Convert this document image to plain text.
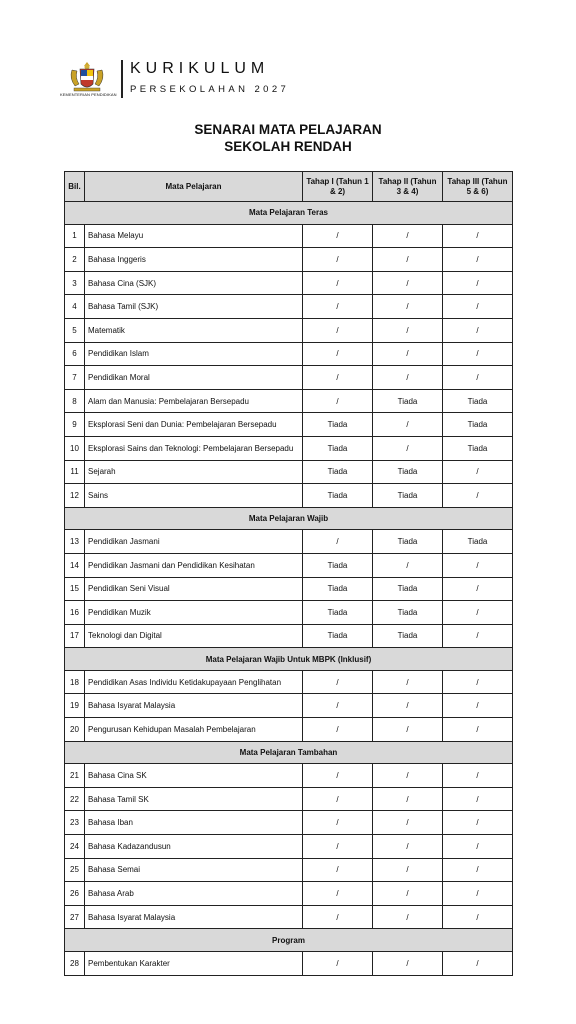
KEMENTERIAN PENDIDIKAN
KURIKULUM
PERSEKOLAHAN 2027
SENARAI MATA PELAJARAN
SEKOLAH RENDAH
Bil.	Mata Pelajaran	Tahap I (Tahun 1 & 2)	Tahap II (Tahun 3 & 4)	Tahap III (Tahun 5 & 6)
Mata Pelajaran Teras				
1	Bahasa Melayu	/	/	/
2	Bahasa Inggeris	/	/	/
3	Bahasa Cina (SJK)	/	/	/
4	Bahasa Tamil (SJK)	/	/	/
5	Matematik	/	/	/
6	Pendidikan Islam	/	/	/
7	Pendidikan Moral	/	/	/
8	Alam dan Manusia: Pembelajaran Bersepadu	/	Tiada	Tiada
9	Eksplorasi Seni dan Dunia: Pembelajaran Bersepadu	Tiada	/	Tiada
10	Eksplorasi Sains dan Teknologi: Pembelajaran Bersepadu	Tiada	/	Tiada
11	Sejarah	Tiada	Tiada	/
12	Sains	Tiada	Tiada	/
Mata Pelajaran Wajib				
13	Pendidikan Jasmani	/	Tiada	Tiada
14	Pendidikan Jasmani dan Pendidikan Kesihatan	Tiada	/	/
15	Pendidikan Seni Visual	Tiada	Tiada	/
16	Pendidikan Muzik	Tiada	Tiada	/
17	Teknologi dan Digital	Tiada	Tiada	/
Mata Pelajaran Wajib Untuk MBPK (Inklusif)				
18	Pendidikan Asas Individu Ketidakupayaan Penglihatan	/	/	/
19	Bahasa Isyarat Malaysia	/	/	/
20	Pengurusan Kehidupan Masalah Pembelajaran	/	/	/
Mata Pelajaran Tambahan				
21	Bahasa Cina SK	/	/	/
22	Bahasa Tamil SK	/	/	/
23	Bahasa Iban	/	/	/
24	Bahasa Kadazandusun	/	/	/
25	Bahasa Semai	/	/	/
26	Bahasa Arab	/	/	/
27	Bahasa Isyarat Malaysia	/	/	/
Program				
28	Pembentukan Karakter	/	/	/
